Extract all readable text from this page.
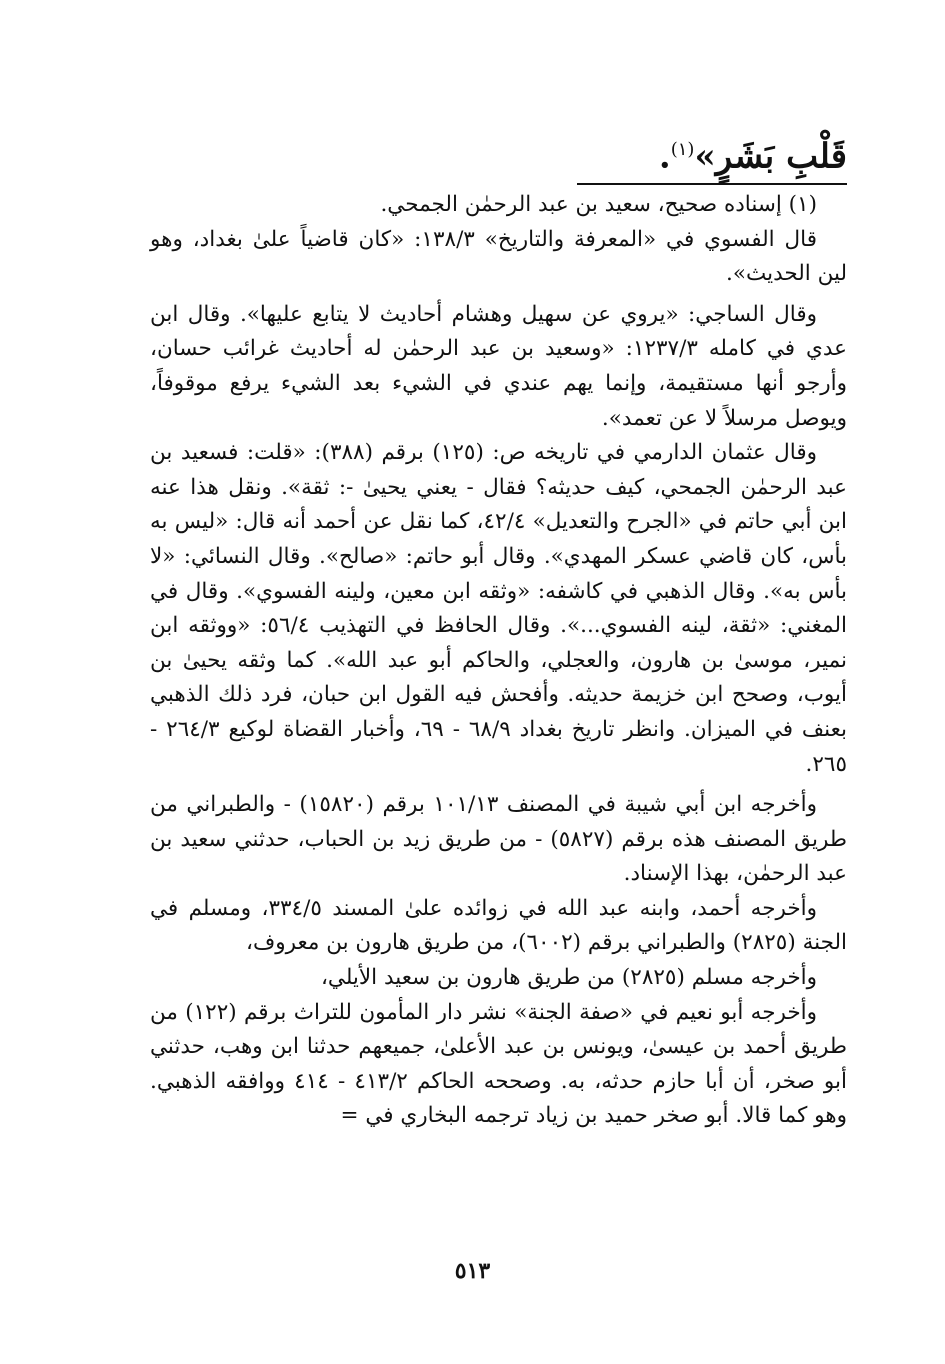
قَلْبِ بَشَرٍ»$^{(١)}$.

(١) إسناده صحيح، سعيد بن عبد الرحمٰن الجمحي.

قال الفسوي في «المعرفة والتاريخ» ١٣٨/٣: «كان قاضياً علىٰ بغداد، وهو لين الحديث».

وقال الساجي: «يروي عن سهيل وهشام أحاديث لا يتابع عليها». وقال ابن عدي في كامله ١٢٣٧/٣: «وسعيد بن عبد الرحمٰن له أحاديث غرائب حسان، وأرجو أنها مستقيمة، وإنما يهم عندي في الشيء بعد الشيء يرفع موقوفاً، ويوصل مرسلاً لا عن تعمد».

وقال عثمان الدارمي في تاريخه ص: (١٢٥) برقم (٣٨٨): «قلت: فسعيد بن عبد الرحمٰن الجمحي، كيف حديثه؟ فقال - يعني يحيىٰ -: ثقة». ونقل هذا عنه ابن أبي حاتم في «الجرح والتعديل» ٤٢/٤، كما نقل عن أحمد أنه قال: «ليس به بأس، كان قاضي عسكر المهدي». وقال أبو حاتم: «صالح». وقال النسائي: «لا بأس به». وقال الذهبي في كاشفه: «وثقه ابن معين، ولينه الفسوي». وقال في المغني: «ثقة، لينه الفسوي...». وقال الحافظ في التهذيب ٥٦/٤: «ووثقه ابن نمير، موسىٰ بن هارون، والعجلي، والحاكم أبو عبد الله». كما وثقه يحيىٰ بن أيوب، وصحح ابن خزيمة حديثه. وأفحش فيه القول ابن حبان، فرد ذلك الذهبي بعنف في الميزان. وانظر تاريخ بغداد ٦٨/٩ - ٦٩، وأخبار القضاة لوكيع ٢٦٤/٣ - ٢٦٥.

وأخرجه ابن أبي شيبة في المصنف ١٠١/١٣ برقم (١٥٨٢٠) - والطبراني من طريق المصنف هذه برقم (٥٨٢٧) - من طريق زيد بن الحباب، حدثني سعيد بن عبد الرحمٰن، بهذا الإسناد.

وأخرجه أحمد، وابنه عبد الله في زوائده علىٰ المسند ٣٣٤/٥، ومسلم في الجنة (٢٨٢٥) والطبراني برقم (٦٠٠٢)، من طريق هارون بن معروف،

وأخرجه مسلم (٢٨٢٥) من طريق هارون بن سعيد الأيلي،

وأخرجه أبو نعيم في «صفة الجنة» نشر دار المأمون للتراث برقم (١٢٢) من طريق أحمد بن عيسىٰ، ويونس بن عبد الأعلىٰ، جميعهم حدثنا ابن وهب، حدثني أبو صخر، أن أبا حازم حدثه، به. وصححه الحاكم ٤١٣/٢ - ٤١٤ ووافقه الذهبي. وهو كما قالا. أبو صخر حميد بن زياد ترجمه البخاري في =

٥١٣
